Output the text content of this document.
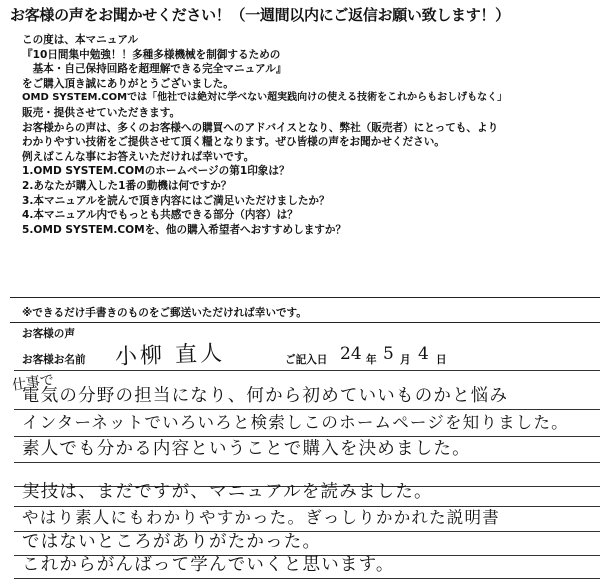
お客様の声をお聞かせください！（一週間以内にご返信お願い致します！）
この度は、本マニュアル
『10日間集中勉強！！多種多様機械を制御するための
　基本・自己保持回路を超理解できる完全マニュアル』
をご購入頂き誠にありがとうございました。
OMD SYSTEM.COMでは「他社では絶対に学べない超実践向けの使える技術をこれからもおしげもなく」
販売・提供させていただきます。
お客様からの声は、多くのお客様への購買へのアドバイスとなり、弊社（販売者）にとっても、より
わかりやすい技術をご提供させて頂く糧となります。ぜひ皆様の声をお聞かせください。
例えばこんな事にお答えいただければ幸いです。
1.OMD SYSTEM.COMのホームページの第1印象は？
2.あなたが購入した1番の動機は何ですか？
3.本マニュアルを読んで頂き内容にはご満足いただけましたか？
4.本マニュアル内でもっとも共感できる部分（内容）は？
5.OMD SYSTEM.COMを、他の購入希望者へおすすめしますか？
※できるだけ手書きのものをご郵送いただければ幸いです。
お客様の声
お客様お名前 小柳 直人	ご記入日 24 年 5 月 4 日
仕事で
電気の分野の担当になり、何から初めていいものかと悩み
インターネットでいろいろと検索しこのホームページを知りました。
素人でも分かる内容ということで購入を決めました。
実技は、まだですが、マニュアルを読みました。
やはり素人にもわかりやすかった。ぎっしりかかれた説明書
ではないところがありがたかった。
これからがんばって学んでいくと思います。
